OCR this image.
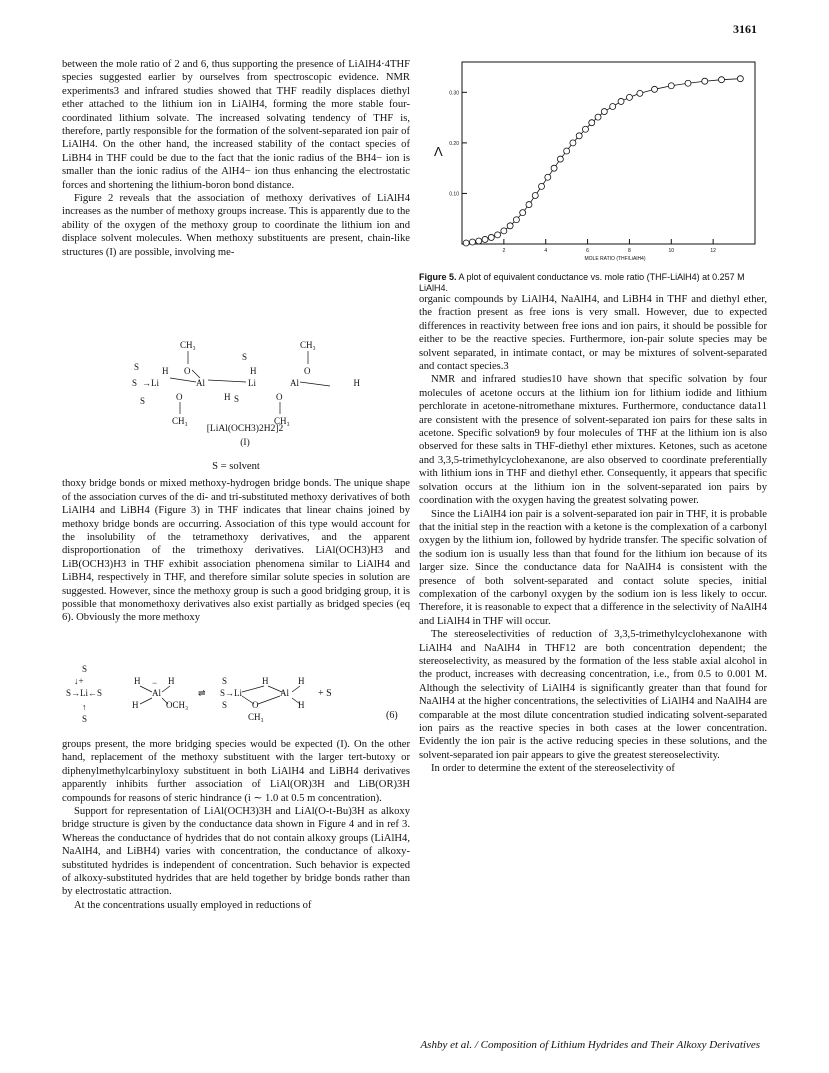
3161

between the mole ratio of 2 and 6, thus supporting the presence of LiAlH4·4THF species suggested earlier by ourselves from spectroscopic evidence. NMR experiments3 and infrared studies showed that THF readily displaces diethyl ether attached to the lithium ion in LiAlH4, forming the more stable four-coordinated lithium solvate. The increased solvating tendency of THF is, therefore, partly responsible for the formation of the solvent-separated ion pair of LiAlH4. On the other hand, the increased stability of the contact species of LiBH4 in THF could be due to the fact that the ionic radius of the BH4− ion is smaller than the ionic radius of the AlH4− ion thus enhancing the electrostatic forces and shortening the lithium-boron bond distance.

Figure 2 reveals that the association of methoxy derivatives of LiAlH4 increases as the number of methoxy groups increase. This is apparently due to the ability of the oxygen of the methoxy group to coordinate the lithium ion and displace solvent molecules. When methoxy substituents are present, chain-like structures (I) are possible, involving me-

CH₃	CH₃
S
S	H O	H	O
S →Li	Al	Li	Al	H
S	O	H S	O
CH₃	CH₃
[LiAl(OCH3)2H2]2
(I)
S = solvent

thoxy bridge bonds or mixed methoxy-hydrogen bridge bonds. The unique shape of the association curves of the di- and tri-substituted methoxy derivatives of both LiAlH4 and LiBH4 (Figure 3) in THF indicates that linear chains joined by methoxy bridge bonds are occurring. Association of this type would account for the insolubility of the tetramethoxy derivatives, and the apparent disproportionation of the trimethoxy derivatives. LiAl(OCH3)H3 and LiB(OCH3)H3 in THF exhibit association phenomena similar to LiAlH4 and LiBH4, respectively in THF, and therefore similar solute species in solution are suggested. However, since the methoxy group is such a good bridging group, it is possible that monomethoxy derivatives also exist partially as bridged species (eq 6). Obviously the more methoxy

S
↓+
S→Li←S
↑
S
H − H
Al
H	OCH₃
⇌
S
S→Li
S
H
O
CH₃
Al
H
H
+ S
(6)

groups present, the more bridging species would be expected (I). On the other hand, replacement of the methoxy substituent with the larger tert-butoxy or diphenylmethylcarbinyloxy substituent in both LiAlH4 and LiBH4 derivatives apparently inhibits further association of LiAl(OR)3H and LiB(OR)3H compounds for reasons of steric hindrance (i ∼ 1.0 at 0.5 m concentration).

Support for representation of LiAl(OCH3)3H and LiAl(O-t-Bu)3H as alkoxy bridge structure is given by the conductance data shown in Figure 4 and in ref 3. Whereas the conductance of hydrides that do not contain alkoxy groups (LiAlH4, NaAlH4, and LiBH4) varies with concentration, the conductance of alkoxy-substituted hydrides is independent of concentration. Such behavior is expected of alkoxy-substituted hydrides that are held together by bridge bonds rather than by electrostatic attraction.

At the concentrations usually employed in reductions of

Λ
MOLE RATIO (THF/LiAlH4)
0.10
0.20
0.30
2	4	6	8	10	12
Figure 5. A plot of equivalent conductance vs. mole ratio (THF-LiAlH4) at 0.257 M LiAlH4.

organic compounds by LiAlH4, NaAlH4, and LiBH4 in THF and diethyl ether, the fraction present as free ions is very small. However, due to expected differences in reactivity between free ions and ion pairs, it should be possible for either to be the reactive species. Furthermore, ion-pair solute species may be solvent separated, in intimate contact, or may be mixtures of solvent-separated and contact species.3

NMR and infrared studies10 have shown that specific solvation by four molecules of acetone occurs at the lithium ion for lithium iodide and lithium perchlorate in acetone-nitromethane mixtures. Furthermore, conductance data11 are consistent with the presence of solvent-separated ion pairs for these salts in acetone. Specific solvation9 by four molecules of THF at the lithium ion is also observed for these salts in THF-diethyl ether mixtures. Ketones, such as acetone and 3,3,5-trimethylcyclohexanone, are also observed to coordinate preferentially with lithium ions in THF and diethyl ether. Consequently, it appears that specific solvation occurs at the lithium ion in the solvent-separated ion pairs by coordination with the oxygen having the greatest solvating power.

Since the LiAlH4 ion pair is a solvent-separated ion pair in THF, it is probable that the initial step in the reaction with a ketone is the complexation of a carbonyl oxygen by the lithium ion, followed by hydride transfer. The specific solvation of the sodium ion is usually less than that found for the lithium ion because of its larger size. Since the conductance data for NaAlH4 is consistent with the presence of both solvent-separated and contact solute species, initial complexation of the carbonyl oxygen by the sodium ion is less likely to occur. Therefore, it is reasonable to expect that a difference in the selectivity of NaAlH4 and LiAlH4 in THF will occur.

The stereoselectivities of reduction of 3,3,5-trimethylcyclohexanone with LiAlH4 and NaAlH4 in THF12 are both concentration dependent; the stereoselectivity, as measured by the formation of the less stable axial alcohol in the product, increases with decreasing concentration, i.e., from 0.5 to 0.001 M. Although the selectivity of LiAlH4 is significantly greater than that found for NaAlH4 at the higher concentrations, the selectivities of LiAlH4 and NaAlH4 are comparable at the most dilute concentration studied indicating solvent-separated ion pairs as the reactive species in both cases at the lower concentration. Evidently the ion pair is the active reducing species in these solutions, and the solvent-separated ion pair appears to give the greatest stereoselectivity.

In order to determine the extent of the stereoselectivity of

Ashby et al. / Composition of Lithium Hydrides and Their Alkoxy Derivatives
